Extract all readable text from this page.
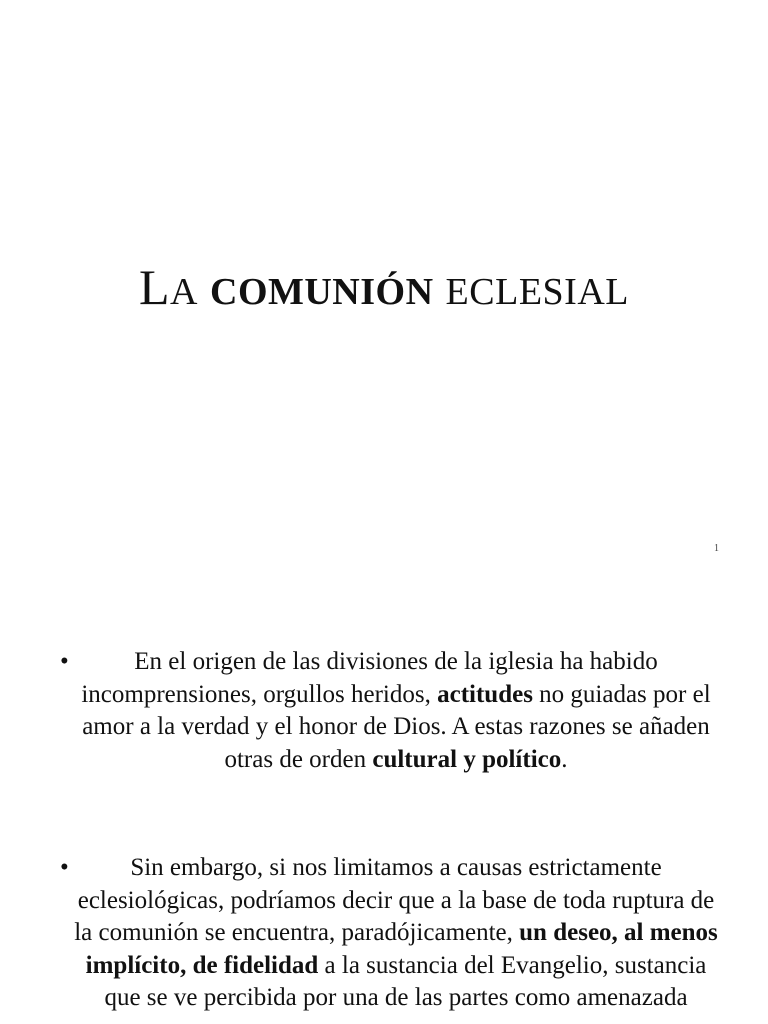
LA COMUNIÓN ECLESIAL
1
•	En el origen de las divisiones de la iglesia ha habido incomprensiones, orgullos heridos, actitudes no guiadas por el amor a la verdad y el honor de Dios. A estas razones se añaden otras de orden cultural y político.
• Sin embargo, si nos limitamos a causas estrictamente eclesiológicas, podríamos decir que a la base de toda ruptura de la comunión se encuentra, paradójicamente, un deseo, al menos implícito, de fidelidad a la sustancia del Evangelio, sustancia que se ve percibida por una de las partes como amenazada
